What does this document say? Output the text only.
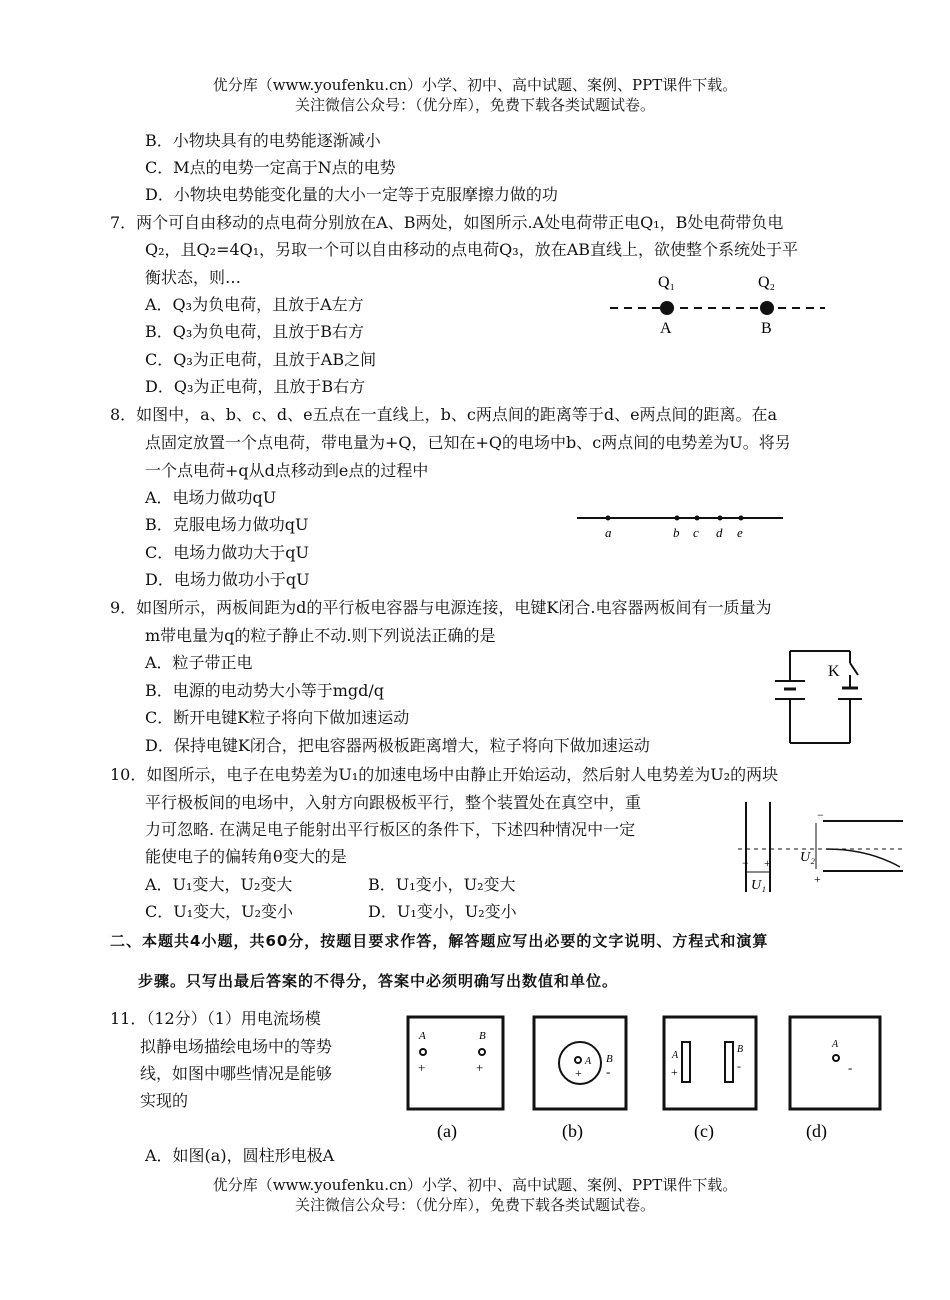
优分库（www.youfenku.cn）小学、初中、高中试题、案例、PPT课件下载。
关注微信公众号：（优分库），免费下载各类试题试卷。
B．小物块具有的电势能逐渐减小
C．M点的电势一定高于N点的电势
D．小物块电势能变化量的大小一定等于克服摩擦力做的功
7．两个可自由移动的点电荷分别放在A、B两处，如图所示.A处电荷带正电Q₁，B处电荷带负电
Q₂，且Q₂=4Q₁，另取一个可以自由移动的点电荷Q₃，放在AB直线上，欲使整个系统处于平
衡状态，则…
A．Q₃为负电荷，且放于A左方
B．Q₃为负电荷，且放于B右方
C．Q₃为正电荷，且放于AB之间
D．Q₃为正电荷，且放于B右方
Q₁	Q₂
A	B
8．如图中，a、b、c、d、e五点在一直线上，b、c两点间的距离等于d、e两点间的距离。在a
点固定放置一个点电荷，带电量为+Q，已知在+Q的电场中b、c两点间的电势差为U。将另
一个点电荷+q从d点移动到e点的过程中
A．电场力做功qU
B．克服电场力做功qU
C．电场力做功大于qU
D．电场力做功小于qU
a	b c d e
9．如图所示，两板间距为d的平行板电容器与电源连接，电键K闭合.电容器两板间有一质量为
m带电量为q的粒子静止不动.则下列说法正确的是
A．粒子带正电
B．电源的电动势大小等于mgd/q
C．断开电键K粒子将向下做加速运动
D．保持电键K闭合，把电容器两极板距离增大，粒子将向下做加速运动
K
10．如图所示，电子在电势差为U₁的加速电场中由静止开始运动，然后射人电势差为U₂的两块
平行极板间的电场中，入射方向跟极板平行，整个装置处在真空中，重
力可忽略. 在满足电子能射出平行板区的条件下，下述四种情况中一定
能使电子的偏转角θ变大的是
A．U₁变大，U₂变大	B．U₁变小，U₂变大
C．U₁变大，U₂变小	D．U₁变小，U₂变小
−
+
U₂
− +
U₁
二、本题共4小题，共60分，按题目要求作答，解答题应写出必要的文字说明、方程式和演算
步骤。只写出最后答案的不得分，答案中必须明确写出数值和单位。
11．（12分）（1）用电流场模
拟静电场描绘电场中的等势
线，如图中哪些情况是能够
实现的
A．如图(a)，圆柱形电极A
A
+
B
+
(a)
A
+
B
-
(b)
A
+
B
-
(c)
A
-
(d)
优分库（www.youfenku.cn）小学、初中、高中试题、案例、PPT课件下载。
关注微信公众号：（优分库），免费下载各类试题试卷。
